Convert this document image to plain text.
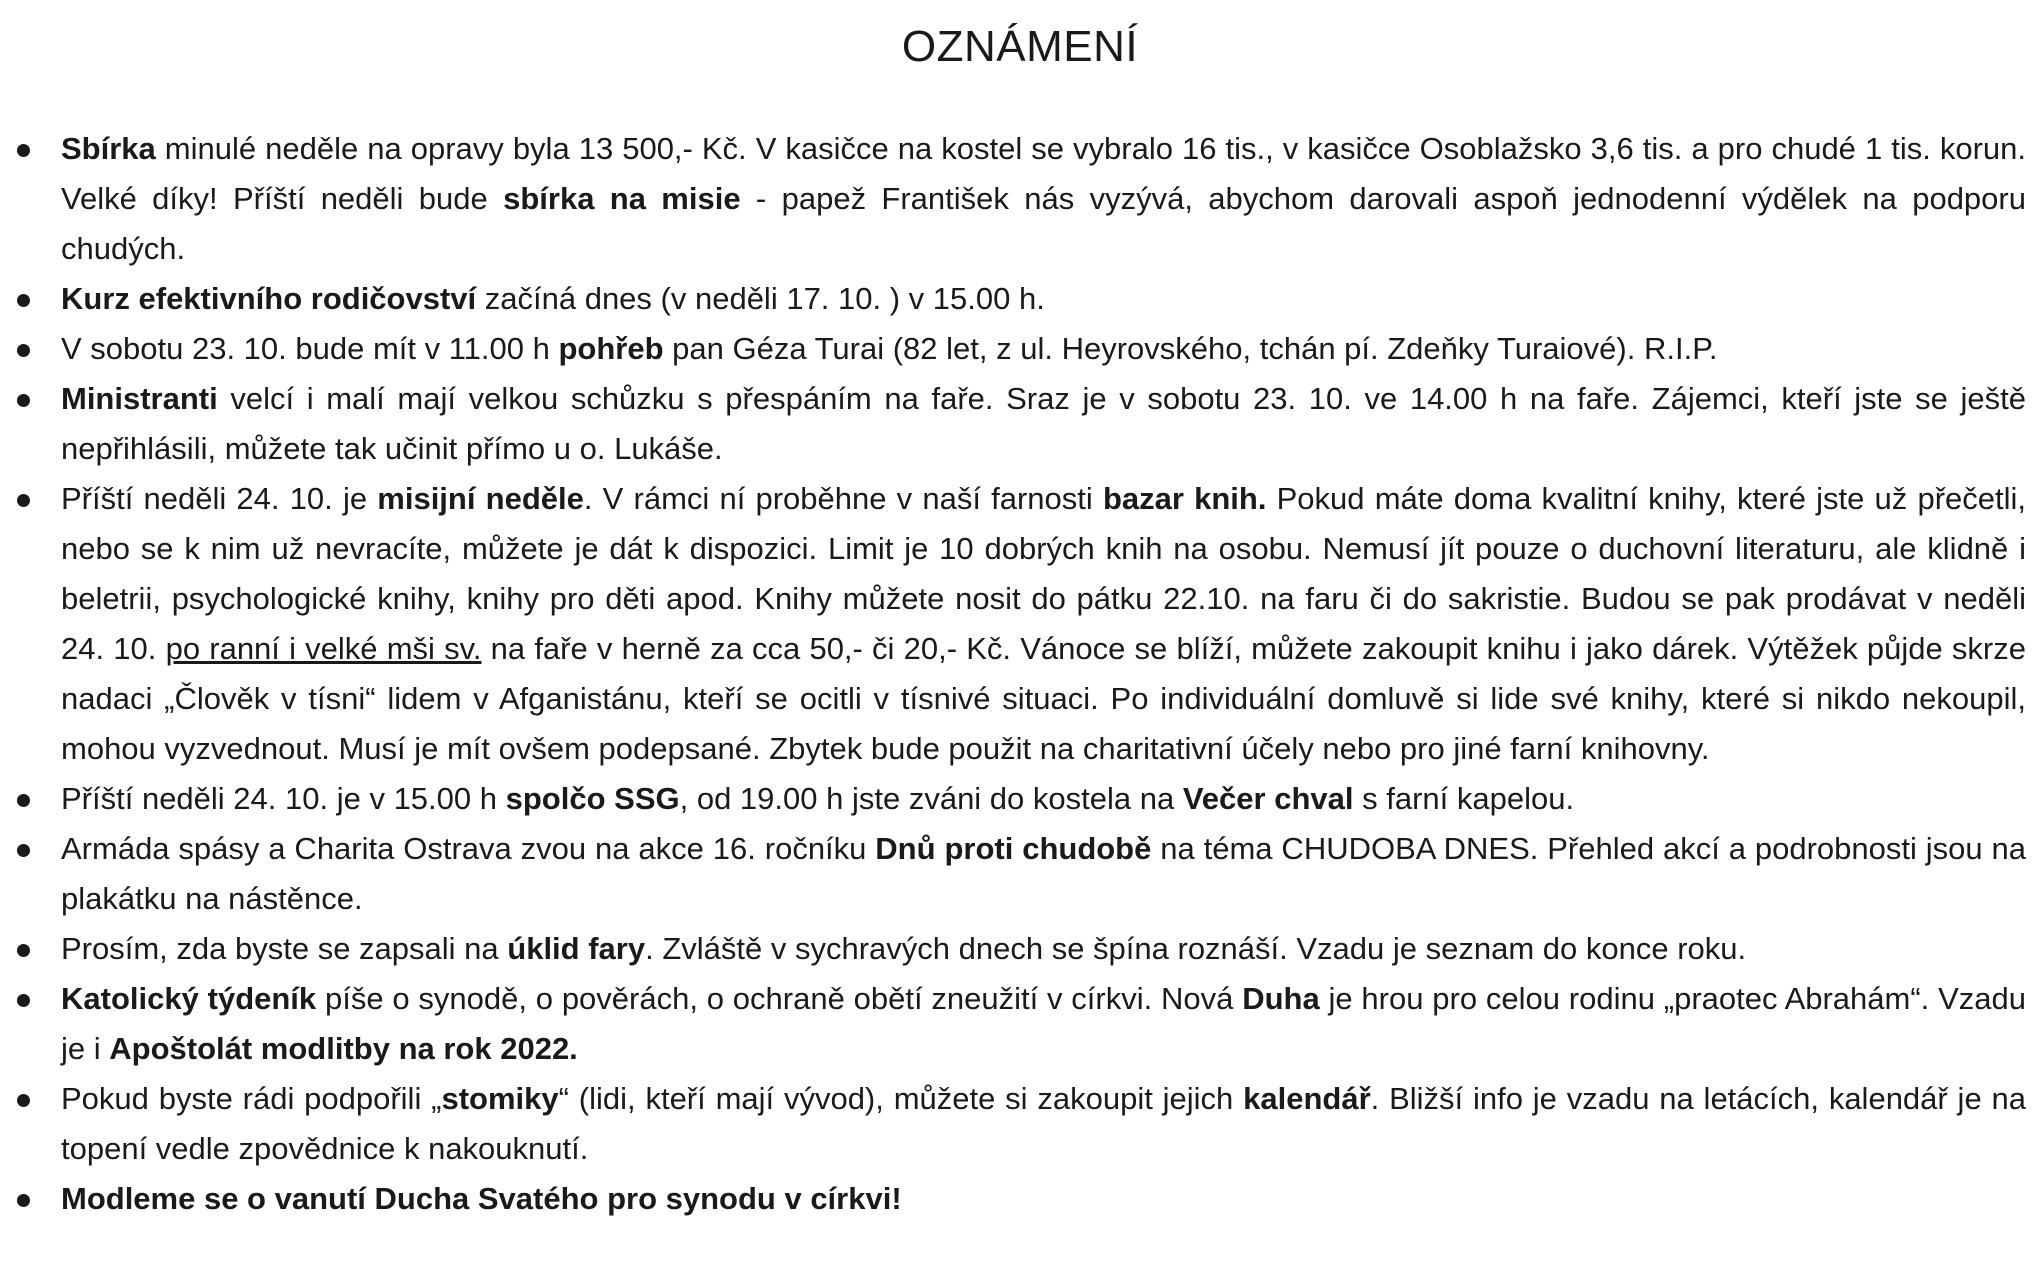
OZNÁMENÍ
Sbírka minulé neděle na opravy byla 13 500,- Kč. V kasičce na kostel se vybralo 16 tis., v kasičce Osoblažsko 3,6 tis. a pro chudé 1 tis. korun. Velké díky! Příští neděli bude sbírka na misie - papež František nás vyzývá, abychom darovali aspoň jednodenní výdělek na podporu chudých.
Kurz efektivního rodičovství začíná dnes (v neděli 17. 10. ) v 15.00 h.
V sobotu 23. 10. bude mít v 11.00 h pohřeb pan Géza Turai (82 let, z ul. Heyrovského, tchán pí. Zdeňky Turaiové). R.I.P.
Ministranti velcí i malí mají velkou schůzku s přespáním na faře. Sraz je v sobotu 23. 10. ve 14.00 h na faře. Zájemci, kteří jste se ještě nepřihlásili, můžete tak učinit přímo u o. Lukáše.
Příští neděli 24. 10. je misijní neděle. V rámci ní proběhne v naší farnosti bazar knih. Pokud máte doma kvalitní knihy, které jste už přečetli, nebo se k nim už nevracíte, můžete je dát k dispozici. Limit je 10 dobrých knih na osobu. Nemusí jít pouze o duchovní literaturu, ale klidně i beletrii, psychologické knihy, knihy pro děti apod. Knihy můžete nosit do pátku 22.10. na faru či do sakristie. Budou se pak prodávat v neděli 24. 10. po ranní i velké mši sv. na faře v herně za cca 50,- či 20,- Kč. Vánoce se blíží, můžete zakoupit knihu i jako dárek. Výtěžek půjde skrze nadaci „Člověk v tísni“ lidem v Afganistánu, kteří se ocitli v tísnivé situaci. Po individuální domluvě si lide své knihy, které si nikdo nekoupil, mohou vyzvednout. Musí je mít ovšem podepsané. Zbytek bude použit na charitativní účely nebo pro jiné farní knihovny.
Příští neděli 24. 10. je v 15.00 h spolčo SSG, od 19.00 h jste zváni do kostela na Večer chval s farní kapelou.
Armáda spásy a Charita Ostrava zvou na akce 16. ročníku Dnů proti chudobě na téma CHUDOBA DNES. Přehled akcí a podrobnosti jsou na plakátku na nástěnce.
Prosím, zda byste se zapsali na úklid fary. Zvláště v sychravých dnech se špína roznáší. Vzadu je seznam do konce roku.
Katolický týdeník píše o synodě, o pověrách, o ochraně obětí zneužití v církvi. Nová Duha je hrou pro celou rodinu „praotec Abrahám“. Vzadu je i Apoštolát modlitby na rok 2022.
Pokud byste rádi podpořili „stomiky“ (lidi, kteří mají vývod), můžete si zakoupit jejich kalendář. Bližší info je vzadu na letácích, kalendář je na topení vedle zpovědnice k nakouknutí.
Modleme se o vanutí Ducha Svatého pro synodu v církvi!
